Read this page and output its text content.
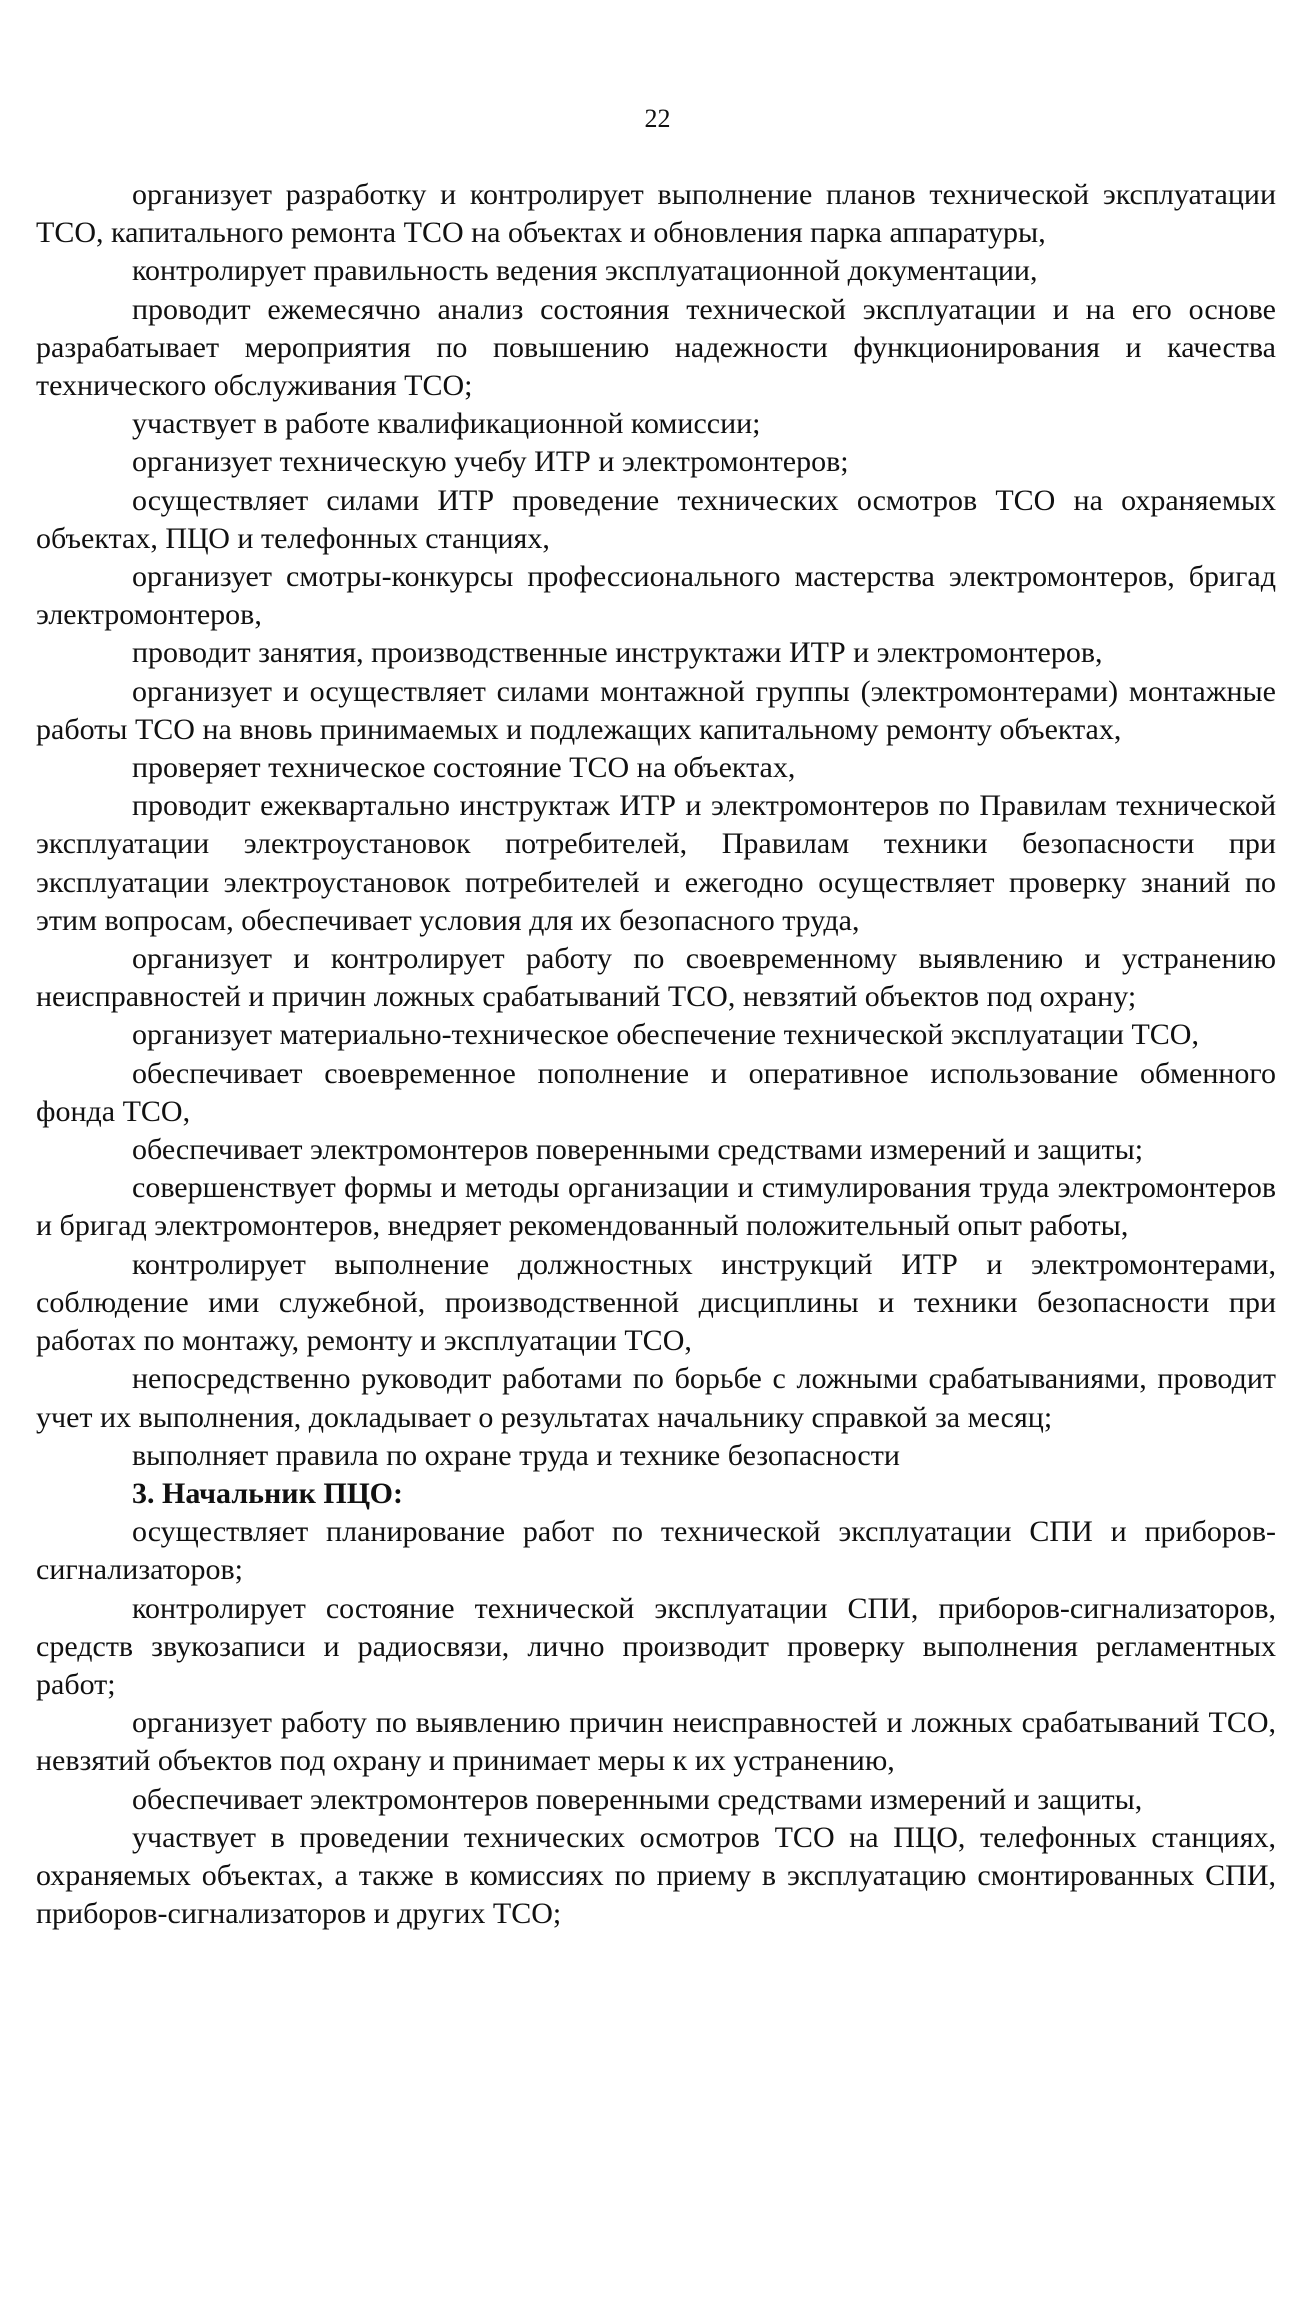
22

организует разработку и контролирует выполнение планов технической эксплуатации ТСО, капитального ремонта ТСО на объектах и обновления парка аппаратуры,

контролирует правильность ведения эксплуатационной документации,

проводит ежемесячно анализ состояния технической эксплуатации и на его основе разрабатывает мероприятия по повышению надежности функционирования и качества технического обслуживания ТСО;

участвует в работе квалификационной комиссии;

организует техническую учебу ИТР и электромонтеров;

осуществляет силами ИТР проведение технических осмотров ТСО на охраняемых объектах, ПЦО и телефонных станциях,

организует смотры-конкурсы профессионального мастерства электромонтеров, бригад электромонтеров,

проводит занятия, производственные инструктажи ИТР и электромонтеров,

организует и осуществляет силами монтажной группы (электромонтерами) монтажные работы ТСО на вновь принимаемых и подлежащих капитальному ремонту объектах,

проверяет техническое состояние ТСО на объектах,

проводит ежеквартально инструктаж ИТР и электромонтеров по Правилам технической эксплуатации электроустановок потребителей, Правилам техники безопасности при эксплуатации электроустановок потребителей и ежегодно осуществляет проверку знаний по этим вопросам, обеспечивает условия для их безопасного труда,

организует и контролирует работу по своевременному выявлению и устранению неисправностей и причин ложных срабатываний ТСО, невзятий объектов под охрану;

организует материально-техническое обеспечение технической эксплуатации ТСО,

обеспечивает своевременное пополнение и оперативное использование обменного фонда ТСО,

обеспечивает электромонтеров поверенными средствами измерений и защиты;

совершенствует формы и методы организации и стимулирования труда электромонтеров и бригад электромонтеров, внедряет рекомендованный положительный опыт работы,

контролирует выполнение должностных инструкций ИТР и электромонтерами, соблюдение ими служебной, производственной дисциплины и техники безопасности при работах по монтажу, ремонту и эксплуатации ТСО,

непосредственно руководит работами по борьбе с ложными срабатываниями, проводит учет их выполнения, докладывает о результатах начальнику справкой за месяц;

выполняет правила по охране труда и технике безопасности

3. Начальник ПЦО:

осуществляет планирование работ по технической эксплуатации СПИ и приборов-сигнализаторов;

контролирует состояние технической эксплуатации СПИ, приборов-сигнализаторов, средств звукозаписи и радиосвязи, лично производит проверку выполнения регламентных работ;

организует работу по выявлению причин неисправностей и ложных срабатываний ТСО, невзятий объектов под охрану и принимает меры к их устранению,

обеспечивает электромонтеров поверенными средствами измерений и защиты,

участвует в проведении технических осмотров ТСО на ПЦО, телефонных станциях, охраняемых объектах, а также в комиссиях по приему в эксплуатацию смонтированных СПИ, приборов-сигнализаторов и других ТСО;
